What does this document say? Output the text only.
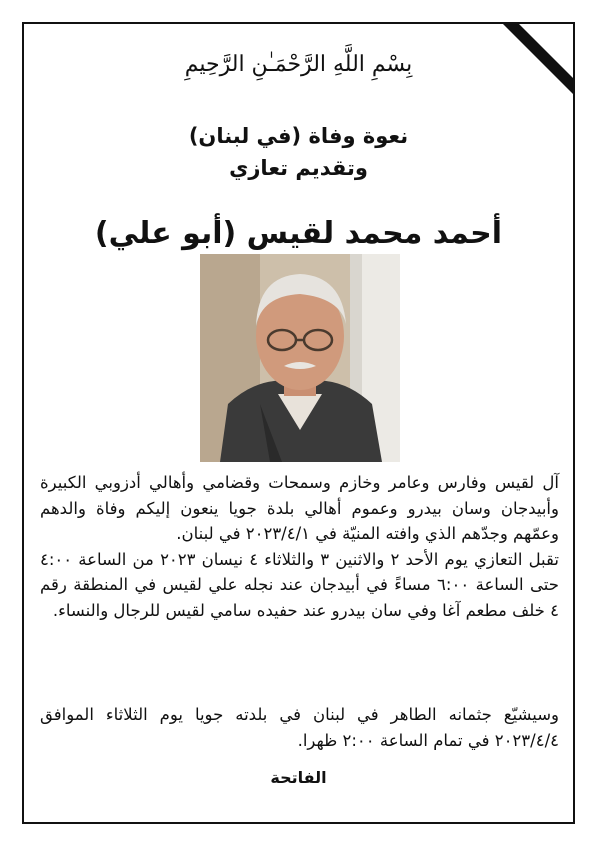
بِسْمِ اللَّهِ الرَّحْمَـٰنِ الرَّحِيمِ
نعوة وفاة (في لبنان)
وتقديم تعازي
أحمد محمد لقيس (أبو علي)

آل لقيس وفارس وعامر وخازم وسمحات وقضامي وأهالي أدزوبي الكبيرة وأبيدجان وسان بيدرو وعموم أهالي بلدة جويا ينعون إليكم وفاة والدهم وعمّهم وجدّهم الذي وافته المنيّة في ٢٠٢٣/٤/١ في لبنان.

تقبل التعازي يوم الأحد ٢ والاثنين ٣ والثلاثاء ٤ نيسان ٢٠٢٣ من الساعة ٤:٠٠ حتى الساعة ٦:٠٠ مساءً في أبيدجان عند نجله علي لقيس في المنطقة رقم ٤ خلف مطعم آغا وفي سان بيدرو عند حفيده سامي لقيس للرجال والنساء.

وسيشيّع جثمانه الطاهر في لبنان في بلدته جويا يوم الثلاثاء الموافق ٢٠٢٣/٤/٤ في تمام الساعة ٢:٠٠ ظهرا.

الفاتحة
